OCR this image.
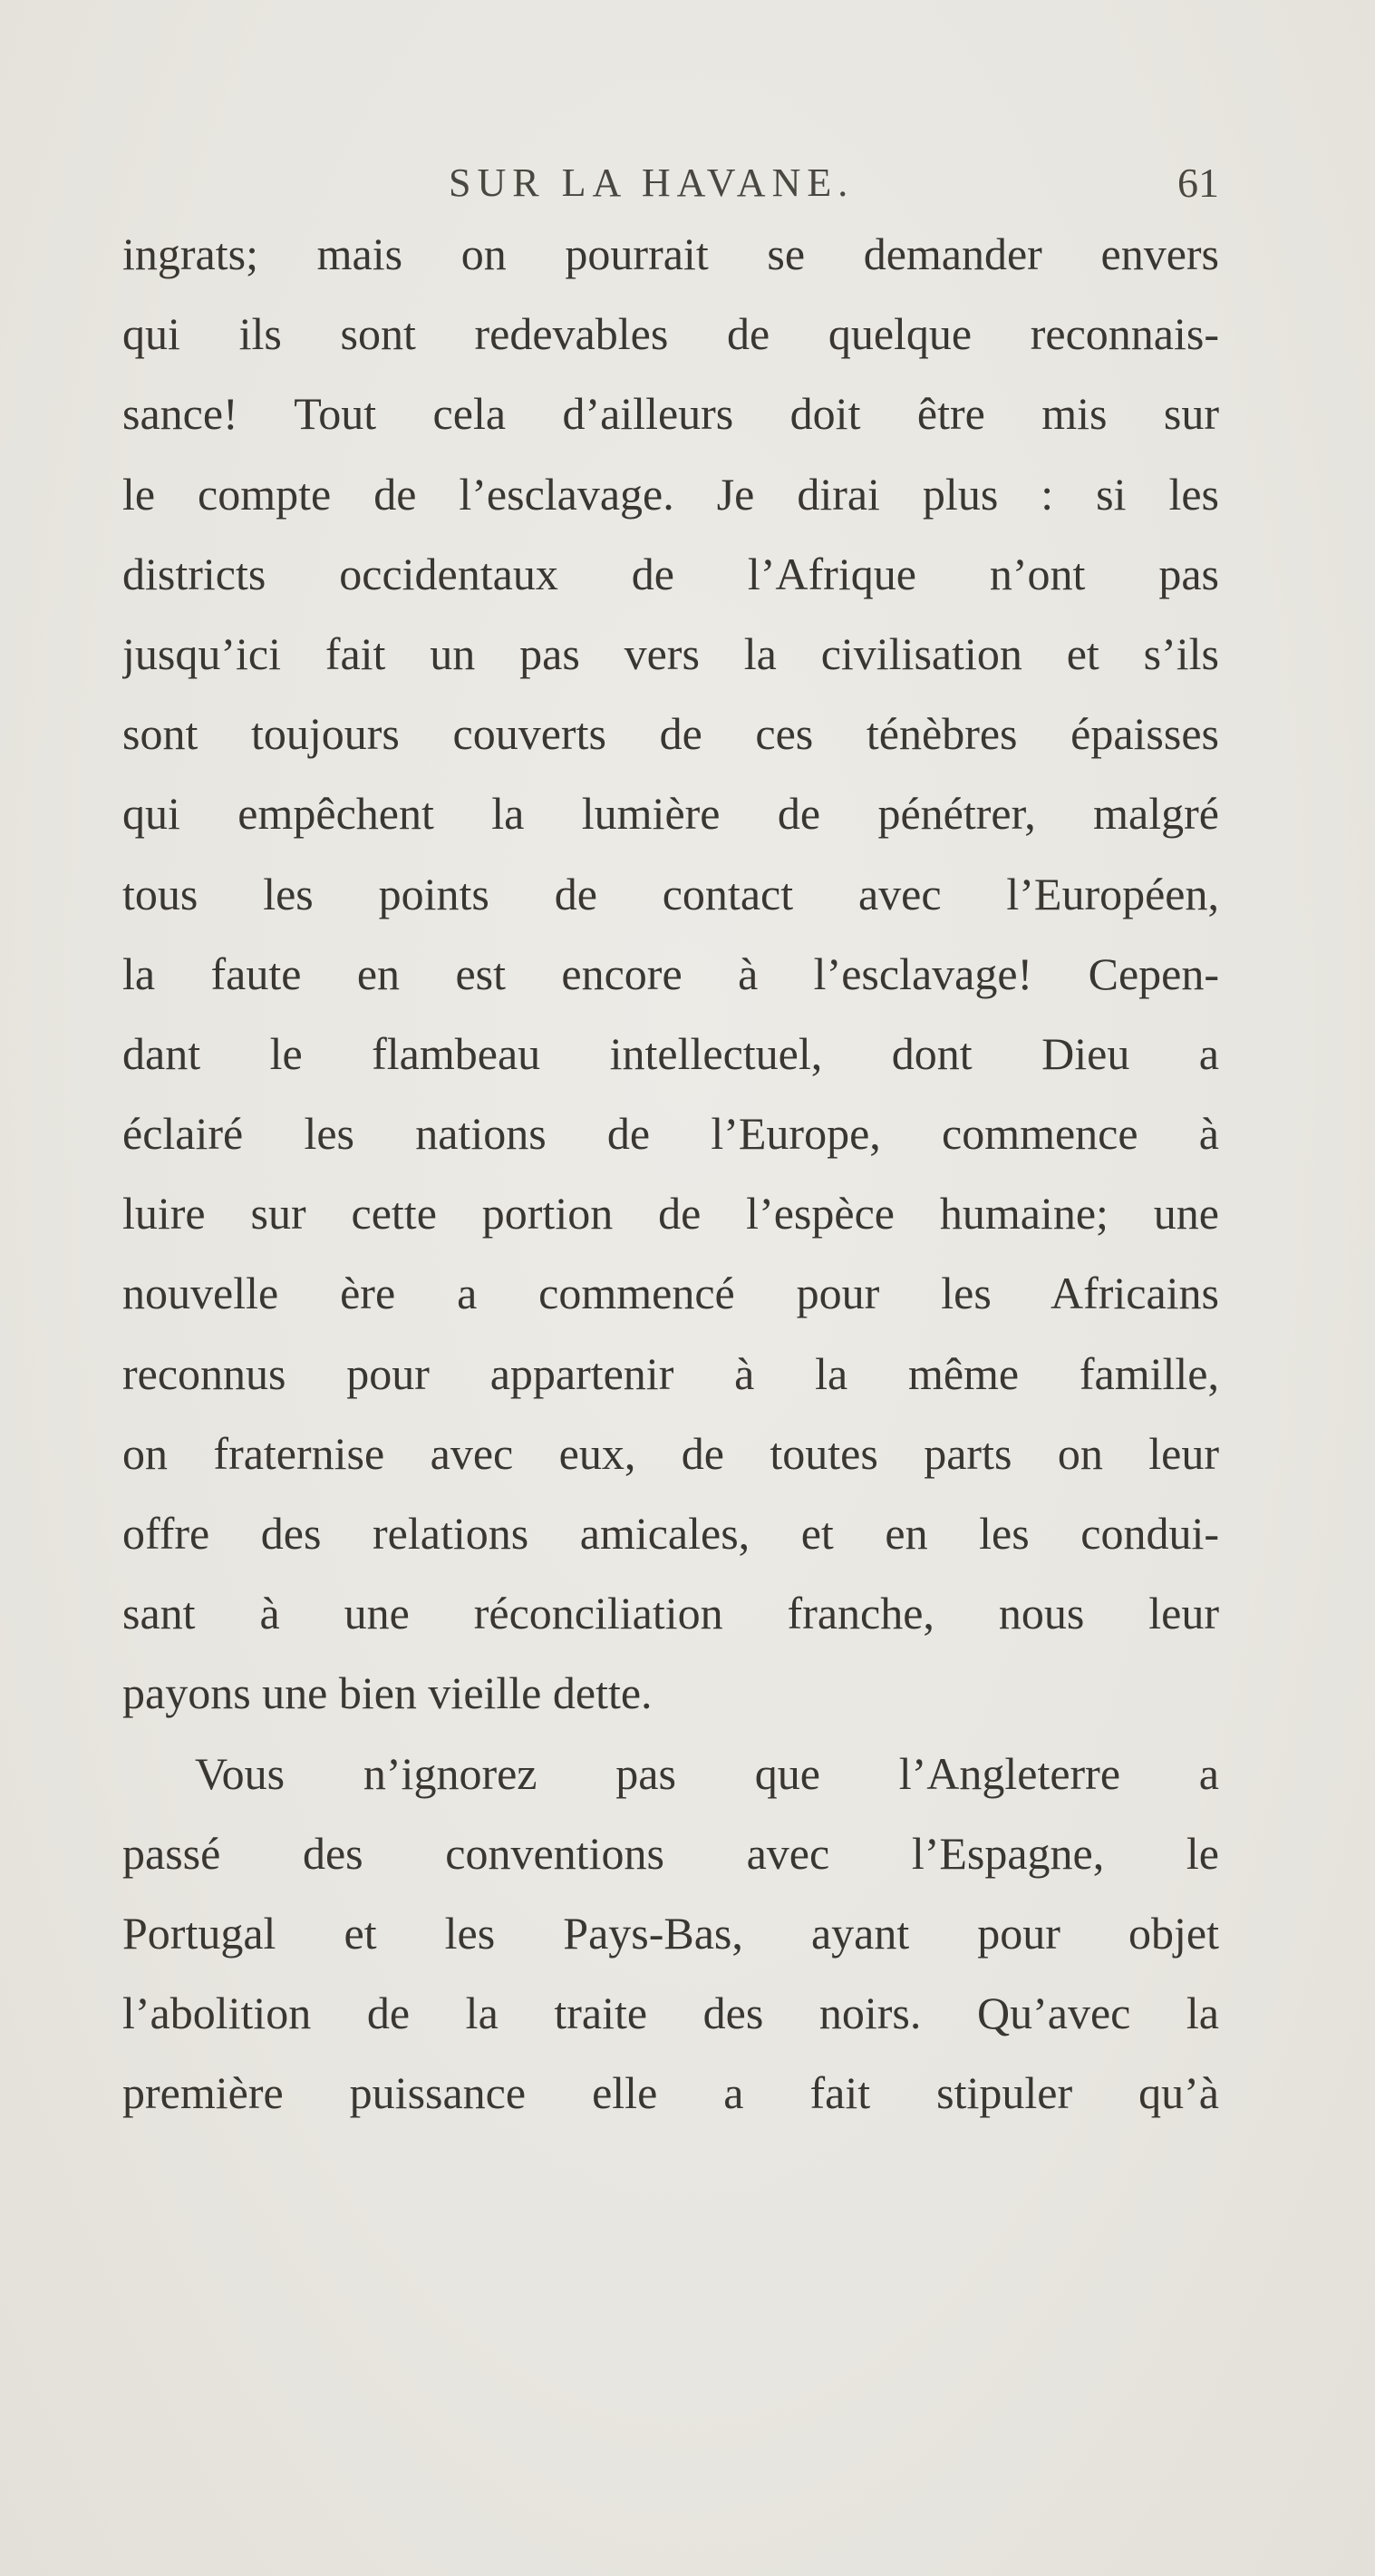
SUR LA HAVANE.	61
ingrats; mais on pourrait se demander envers
qui ils sont redevables de quelque reconnais-
sance! Tout cela d’ailleurs doit être mis sur
le compte de l’esclavage. Je dirai plus : si les
districts occidentaux de l’Afrique n’ont pas
jusqu’ici fait un pas vers la civilisation et s’ils
sont toujours couverts de ces ténèbres épaisses
qui empêchent la lumière de pénétrer, malgré
tous les points de contact avec l’Européen,
la faute en est encore à l’esclavage! Cepen-
dant le flambeau intellectuel, dont Dieu a
éclairé les nations de l’Europe, commence à
luire sur cette portion de l’espèce humaine; une
nouvelle ère a commencé pour les Africains
reconnus pour appartenir à la même famille,
on fraternise avec eux, de toutes parts on leur
offre des relations amicales, et en les condui-
sant à une réconciliation franche, nous leur
payons une bien vieille dette.
Vous n’ignorez pas que l’Angleterre a
passé des conventions avec l’Espagne, le
Portugal et les Pays-Bas, ayant pour objet
l’abolition de la traite des noirs. Qu’avec la
première puissance elle a fait stipuler qu’à
